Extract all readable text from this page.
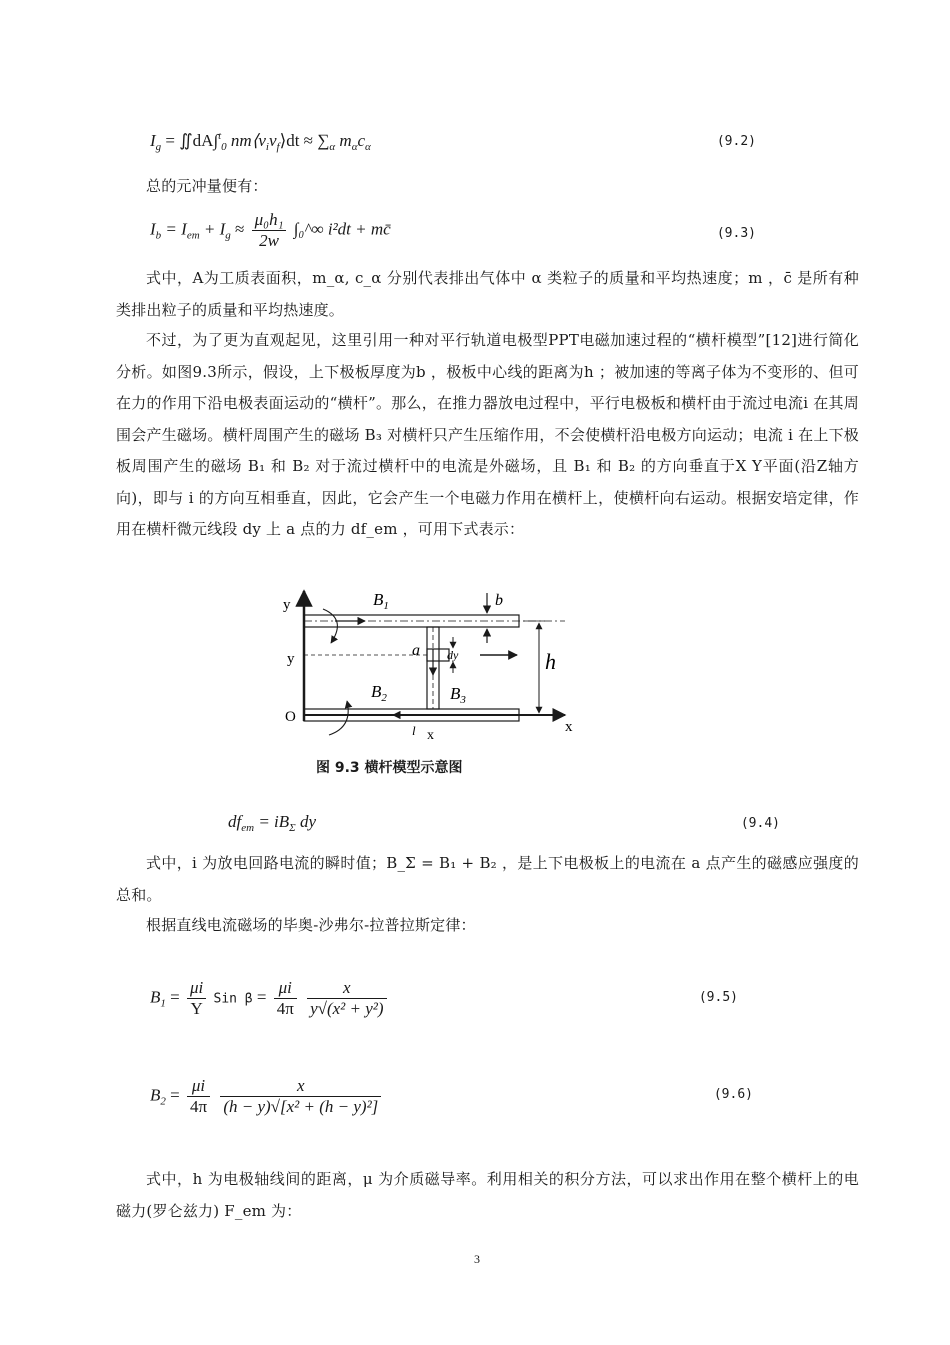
$I_g$ = ∬dA∫$^t_0$ $nm⟨v_iv_f⟩dt \approx \sum_\alpha$ $m_\alpha c_\alpha$	(9.2)
总的元冲量便有：
$I_b = I_{em} + I_g \approx \frac{\text{μ₀h₁}}{2w}$ ∫₀^∞ i²dt + mc̄	(9.3)
式中，A为工质表面积，m_α, c_α 分别代表排出气体中 α 类粒子的质量和平均热速度；m ，c̄ 是所有种类排出粒子的质量和平均热速度。
不过，为了更为直观起见，这里引用一种对平行轨道电极型PPT电磁加速过程的“横杆模型”[12]进行简化分析。如图9.3所示，假设，上下极板厚度为b ，极板中心线的距离为h ；被加速的等离子体为不变形的、但可在力的作用下沿电极表面运动的“横杆”。那么，在推力器放电过程中，平行电极板和横杆由于流过电流i 在其周围会产生磁场。横杆周围产生的磁场 B₃ 对横杆只产生压缩作用，不会使横杆沿电极方向运动；电流 i 在上下极板周围产生的磁场 B₁ 和 B₂ 对于流过横杆中的电流是外磁场，且 B₁ 和 B₂ 的方向垂直于X Y平面(沿Z轴方向)，即与 i 的方向互相垂直，因此，它会产生一个电磁力作用在横杆上，使横杆向右运动。根据安培定律，作用在横杆微元线段 dy 上 a 点的力 df_em ，可用下式表示：
y
y
O
x
x
l
a dy	h
b
$B_1$
$B_2$	$B_3$
图 9.3 横杆模型示意图
$df_{em} = iB_\Sigma$ dy	(9.4)
式中，i 为放电回路电流的瞬时值；B_Σ = B₁ + B₂ ，是上下电极板上的电流在 a 点产生的磁感应强度的总和。
根据直线电流磁场的毕奥-沙弗尔-拉普拉斯定律：
$B_1 = \frac{\mu i}{Y}$ Sin $\beta = \frac{\mu i}{4\pi}$
$\frac{x}{\text{y√(x² + y²)}}$	(9.5)
$B_2 = \frac{\mu i}{4\pi}$
$\frac{x}{\text{(h − y)√[x² + (h − y)²]}}$	(9.6)
式中，h 为电极轴线间的距离，μ 为介质磁导率。利用相关的积分方法，可以求出作用在整个横杆上的电磁力(罗仑兹力) F_em 为：
3
